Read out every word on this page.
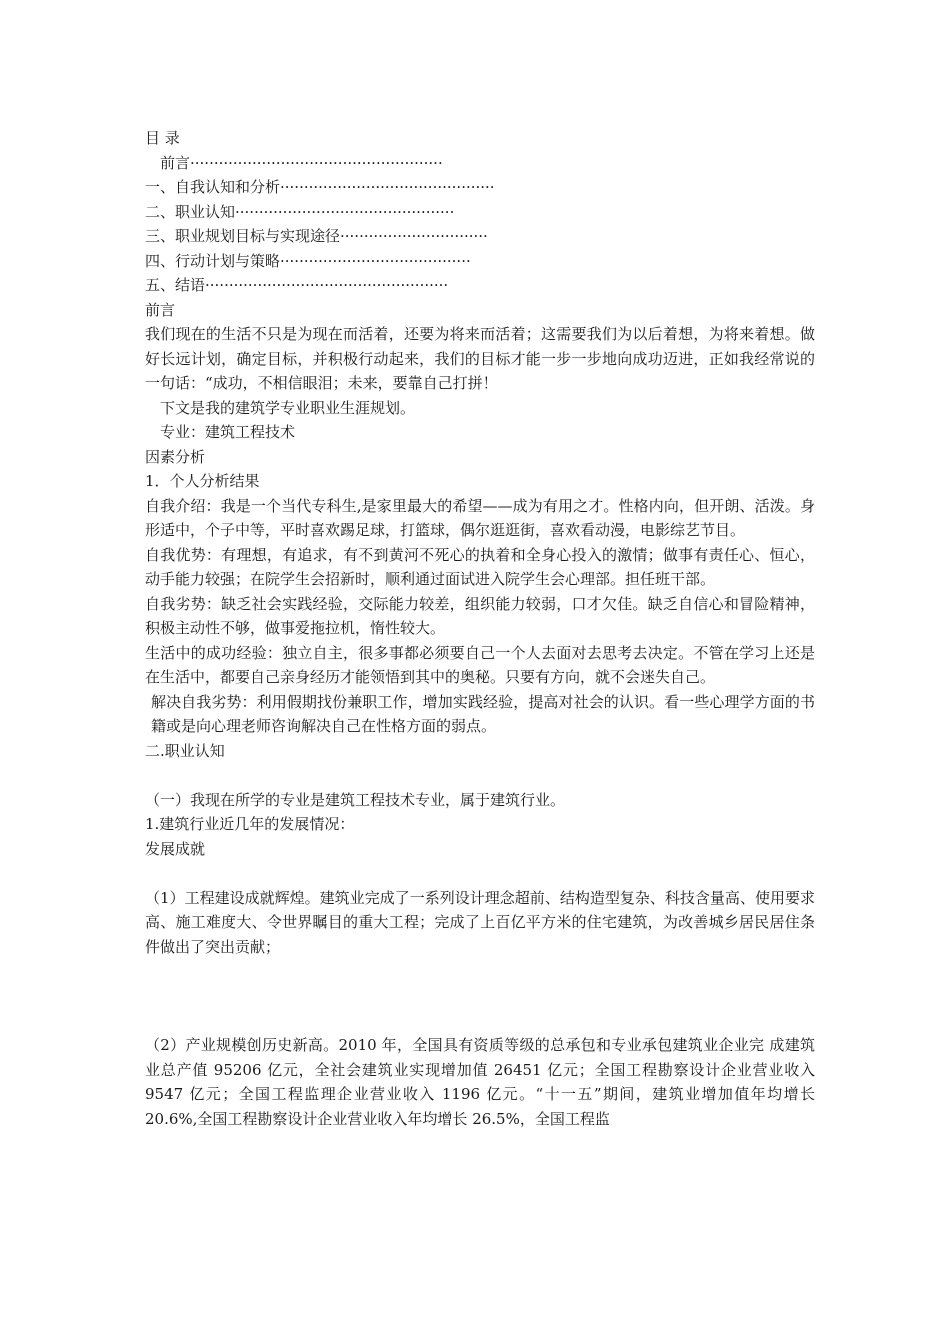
目 录
前言·····················································
一、自我认知和分析·············································
二、职业认知··············································
三、职业规划目标与实现途径·······························
四、行动计划与策略········································
五、结语···················································
前言
我们现在的生活不只是为现在而活着，还要为将来而活着；这需要我们为以后着想，为将来着想。做好长远计划，确定目标，并积极行动起来，我们的目标才能一步一步地向成功迈进，正如我经常说的一句话：“成功，不相信眼泪；未来，要靠自己打拼！
下文是我的建筑学专业职业生涯规划。
专业：建筑工程技术
因素分析
1．个人分析结果
自我介绍：我是一个当代专科生,是家里最大的希望——成为有用之才。性格内向，但开朗、活泼。身形适中，个子中等，平时喜欢踢足球，打篮球，偶尔逛逛街，喜欢看动漫，电影综艺节目。
自我优势：有理想，有追求，有不到黄河不死心的执着和全身心投入的激情；做事有责任心、恒心，动手能力较强；在院学生会招新时，顺利通过面试进入院学生会心理部。担任班干部。
自我劣势：缺乏社会实践经验，交际能力较差，组织能力较弱，口才欠佳。缺乏自信心和冒险精神，积极主动性不够，做事爱拖拉机，惰性较大。
生活中的成功经验：独立自主，很多事都必须要自己一个人去面对去思考去决定。不管在学习上还是在生活中，都要自己亲身经历才能领悟到其中的奥秘。只要有方向，就不会迷失自己。
解决自我劣势：利用假期找份兼职工作，增加实践经验，提高对社会的认识。看一些心理学方面的书籍或是向心理老师咨询解决自己在性格方面的弱点。
二.职业认知
（一）我现在所学的专业是建筑工程技术专业，属于建筑行业。
1.建筑行业近几年的发展情况：
发展成就
（1）工程建设成就辉煌。建筑业完成了一系列设计理念超前、结构造型复杂、科技含量高、使用要求高、施工难度大、令世界瞩目的重大工程；完成了上百亿平方米的住宅建筑，为改善城乡居民居住条件做出了突出贡献；
（2）产业规模创历史新高。2010 年，全国具有资质等级的总承包和专业承包建筑业企业完 成建筑业总产值 95206 亿元，全社会建筑业实现增加值 26451 亿元；全国工程勘察设计企业营业收入 9547 亿元；全国工程监理企业营业收入 1196 亿元。“十一五”期间，建筑业增加值年均增长 20.6%,全国工程勘察设计企业营业收入年均增长 26.5%，全国工程监
